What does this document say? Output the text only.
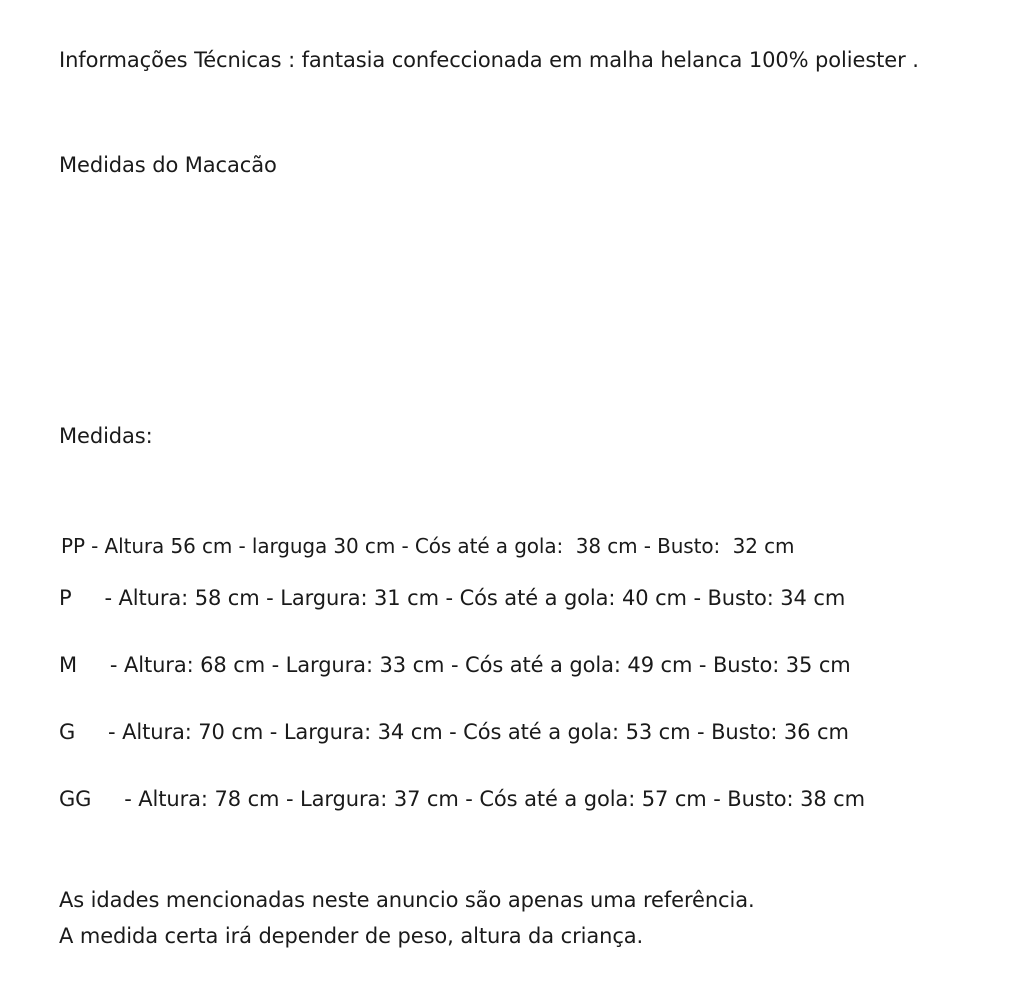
Informações Técnicas : fantasia confeccionada em malha helanca 100% poliester .
Medidas do Macacão
Medidas:
PP - Altura 56 cm - larguga 30 cm - Cós até a gola:  38 cm - Busto:  32 cm
P     - Altura: 58 cm - Largura: 31 cm - Cós até a gola: 40 cm - Busto: 34 cm
M     - Altura: 68 cm - Largura: 33 cm - Cós até a gola: 49 cm - Busto: 35 cm
G     - Altura: 70 cm - Largura: 34 cm - Cós até a gola: 53 cm - Busto: 36 cm
GG     - Altura: 78 cm - Largura: 37 cm - Cós até a gola: 57 cm - Busto: 38 cm
As idades mencionadas neste anuncio são apenas uma referência.
A medida certa irá depender de peso, altura da criança.
